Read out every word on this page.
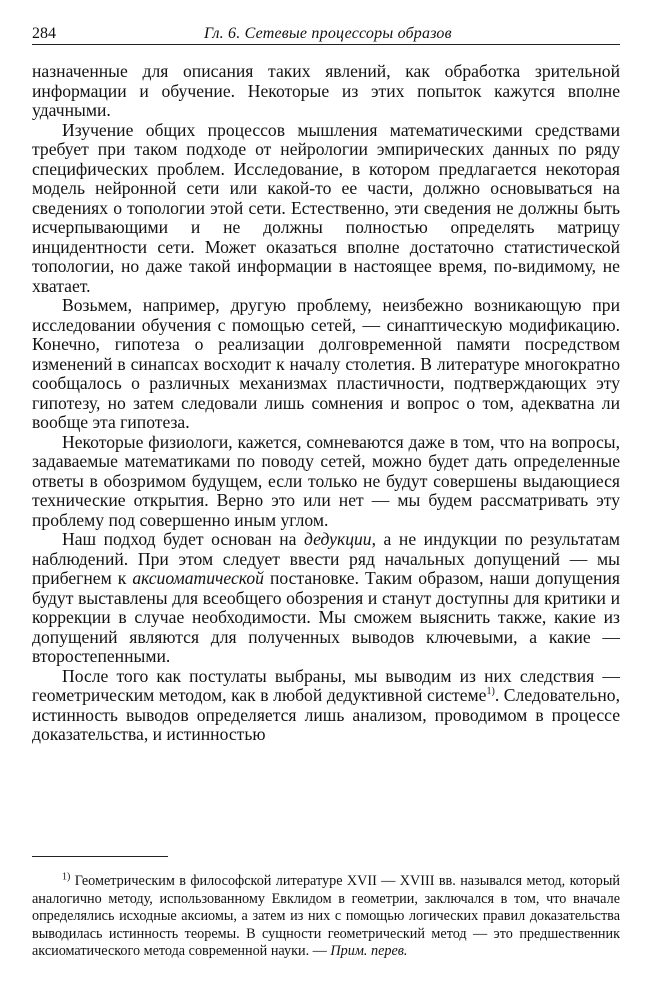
284	Гл. 6. Сетевые процессоры образов

назначенные для описания таких явлений, как обработка зрительной информации и обучение. Некоторые из этих попыток кажутся вполне удачными.

Изучение общих процессов мышления математическими средствами требует при таком подходе от нейрологии эмпирических данных по ряду специфических проблем. Исследование, в котором предлагается некоторая модель нейронной сети или какой-то ее части, должно основываться на сведениях о топологии этой сети. Естественно, эти сведения не должны быть исчерпывающими и не должны полностью определять матрицу инцидентности сети. Может оказаться вполне достаточно статистической топологии, но даже такой информации в настоящее время, по-видимому, не хватает.

Возьмем, например, другую проблему, неизбежно возникающую при исследовании обучения с помощью сетей, — синаптическую модификацию. Конечно, гипотеза о реализации долговременной памяти посредством изменений в синапсах восходит к началу столетия. В литературе многократно сообщалось о различных механизмах пластичности, подтверждающих эту гипотезу, но затем следовали лишь сомнения и вопрос о том, адекватна ли вообще эта гипотеза.

Некоторые физиологи, кажется, сомневаются даже в том, что на вопросы, задаваемые математиками по поводу сетей, можно будет дать определенные ответы в обозримом будущем, если только не будут совершены выдающиеся технические открытия. Верно это или нет — мы будем рассматривать эту проблему под совершенно иным углом.

Наш подход будет основан на дедукции, а не индукции по результатам наблюдений. При этом следует ввести ряд начальных допущений — мы прибегнем к аксиоматической постановке. Таким образом, наши допущения будут выставлены для всеобщего обозрения и станут доступны для критики и коррекции в случае необходимости. Мы сможем выяснить также, какие из допущений являются для полученных выводов ключевыми, а какие — второстепенными.

После того как постулаты выбраны, мы выводим из них следствия — геометрическим методом, как в любой дедуктивной системе$^{1)}$. Следовательно, истинность выводов определяется лишь анализом, проводимом в процессе доказательства, и истинностью

$^{1)}$ Геометрическим в философской литературе XVII — XVIII вв. назывался метод, который аналогично методу, использованному Евклидом в геометрии, заключался в том, что вначале определялись исходные аксиомы, а затем из них с помощью логических правил доказательства выводилась истинность теоремы. В сущности геометрический метод — это предшественник аксиоматического метода современной науки. — Прим. перев.
